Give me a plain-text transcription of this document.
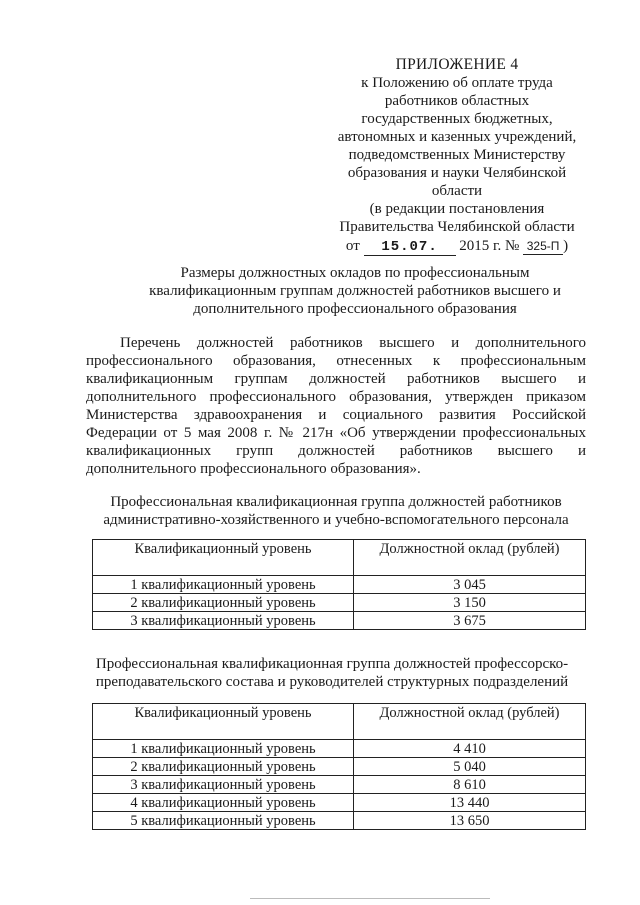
ПРИЛОЖЕНИЕ 4
к Положению об оплате труда
работников областных
государственных бюджетных,
автономных и казенных учреждений,
подведомственных Министерству
образования и науки Челябинской
области
(в редакции постановления
Правительства Челябинской области
от 15.07. 2015 г. № 325-П )
Размеры должностных окладов по профессиональным
квалификационным группам должностей работников высшего и
дополнительного профессионального образования
Перечень должностей работников высшего и дополнительного профессионального образования, отнесенных к профессиональным квалификационным группам должностей работников высшего и дополнительного профессионального образования, утвержден приказом Министерства здравоохранения и социального развития Российской Федерации от 5 мая 2008 г. № 217н «Об утверждении профессиональных квалификационных групп должностей работников высшего и дополнительного профессионального образования».
Профессиональная квалификационная группа должностей работников административно-хозяйственного и учебно-вспомогательного персонала
Квалификационный уровень	Должностной оклад (рублей)
1 квалификационный уровень	3 045
2 квалификационный уровень	3 150
3 квалификационный уровень	3 675
Профессиональная квалификационная группа должностей профессорско-преподавательского состава и руководителей структурных подразделений
Квалификационный уровень	Должностной оклад (рублей)
1 квалификационный уровень	4 410
2 квалификационный уровень	5 040
3 квалификационный уровень	8 610
4 квалификационный уровень	13 440
5 квалификационный уровень	13 650
